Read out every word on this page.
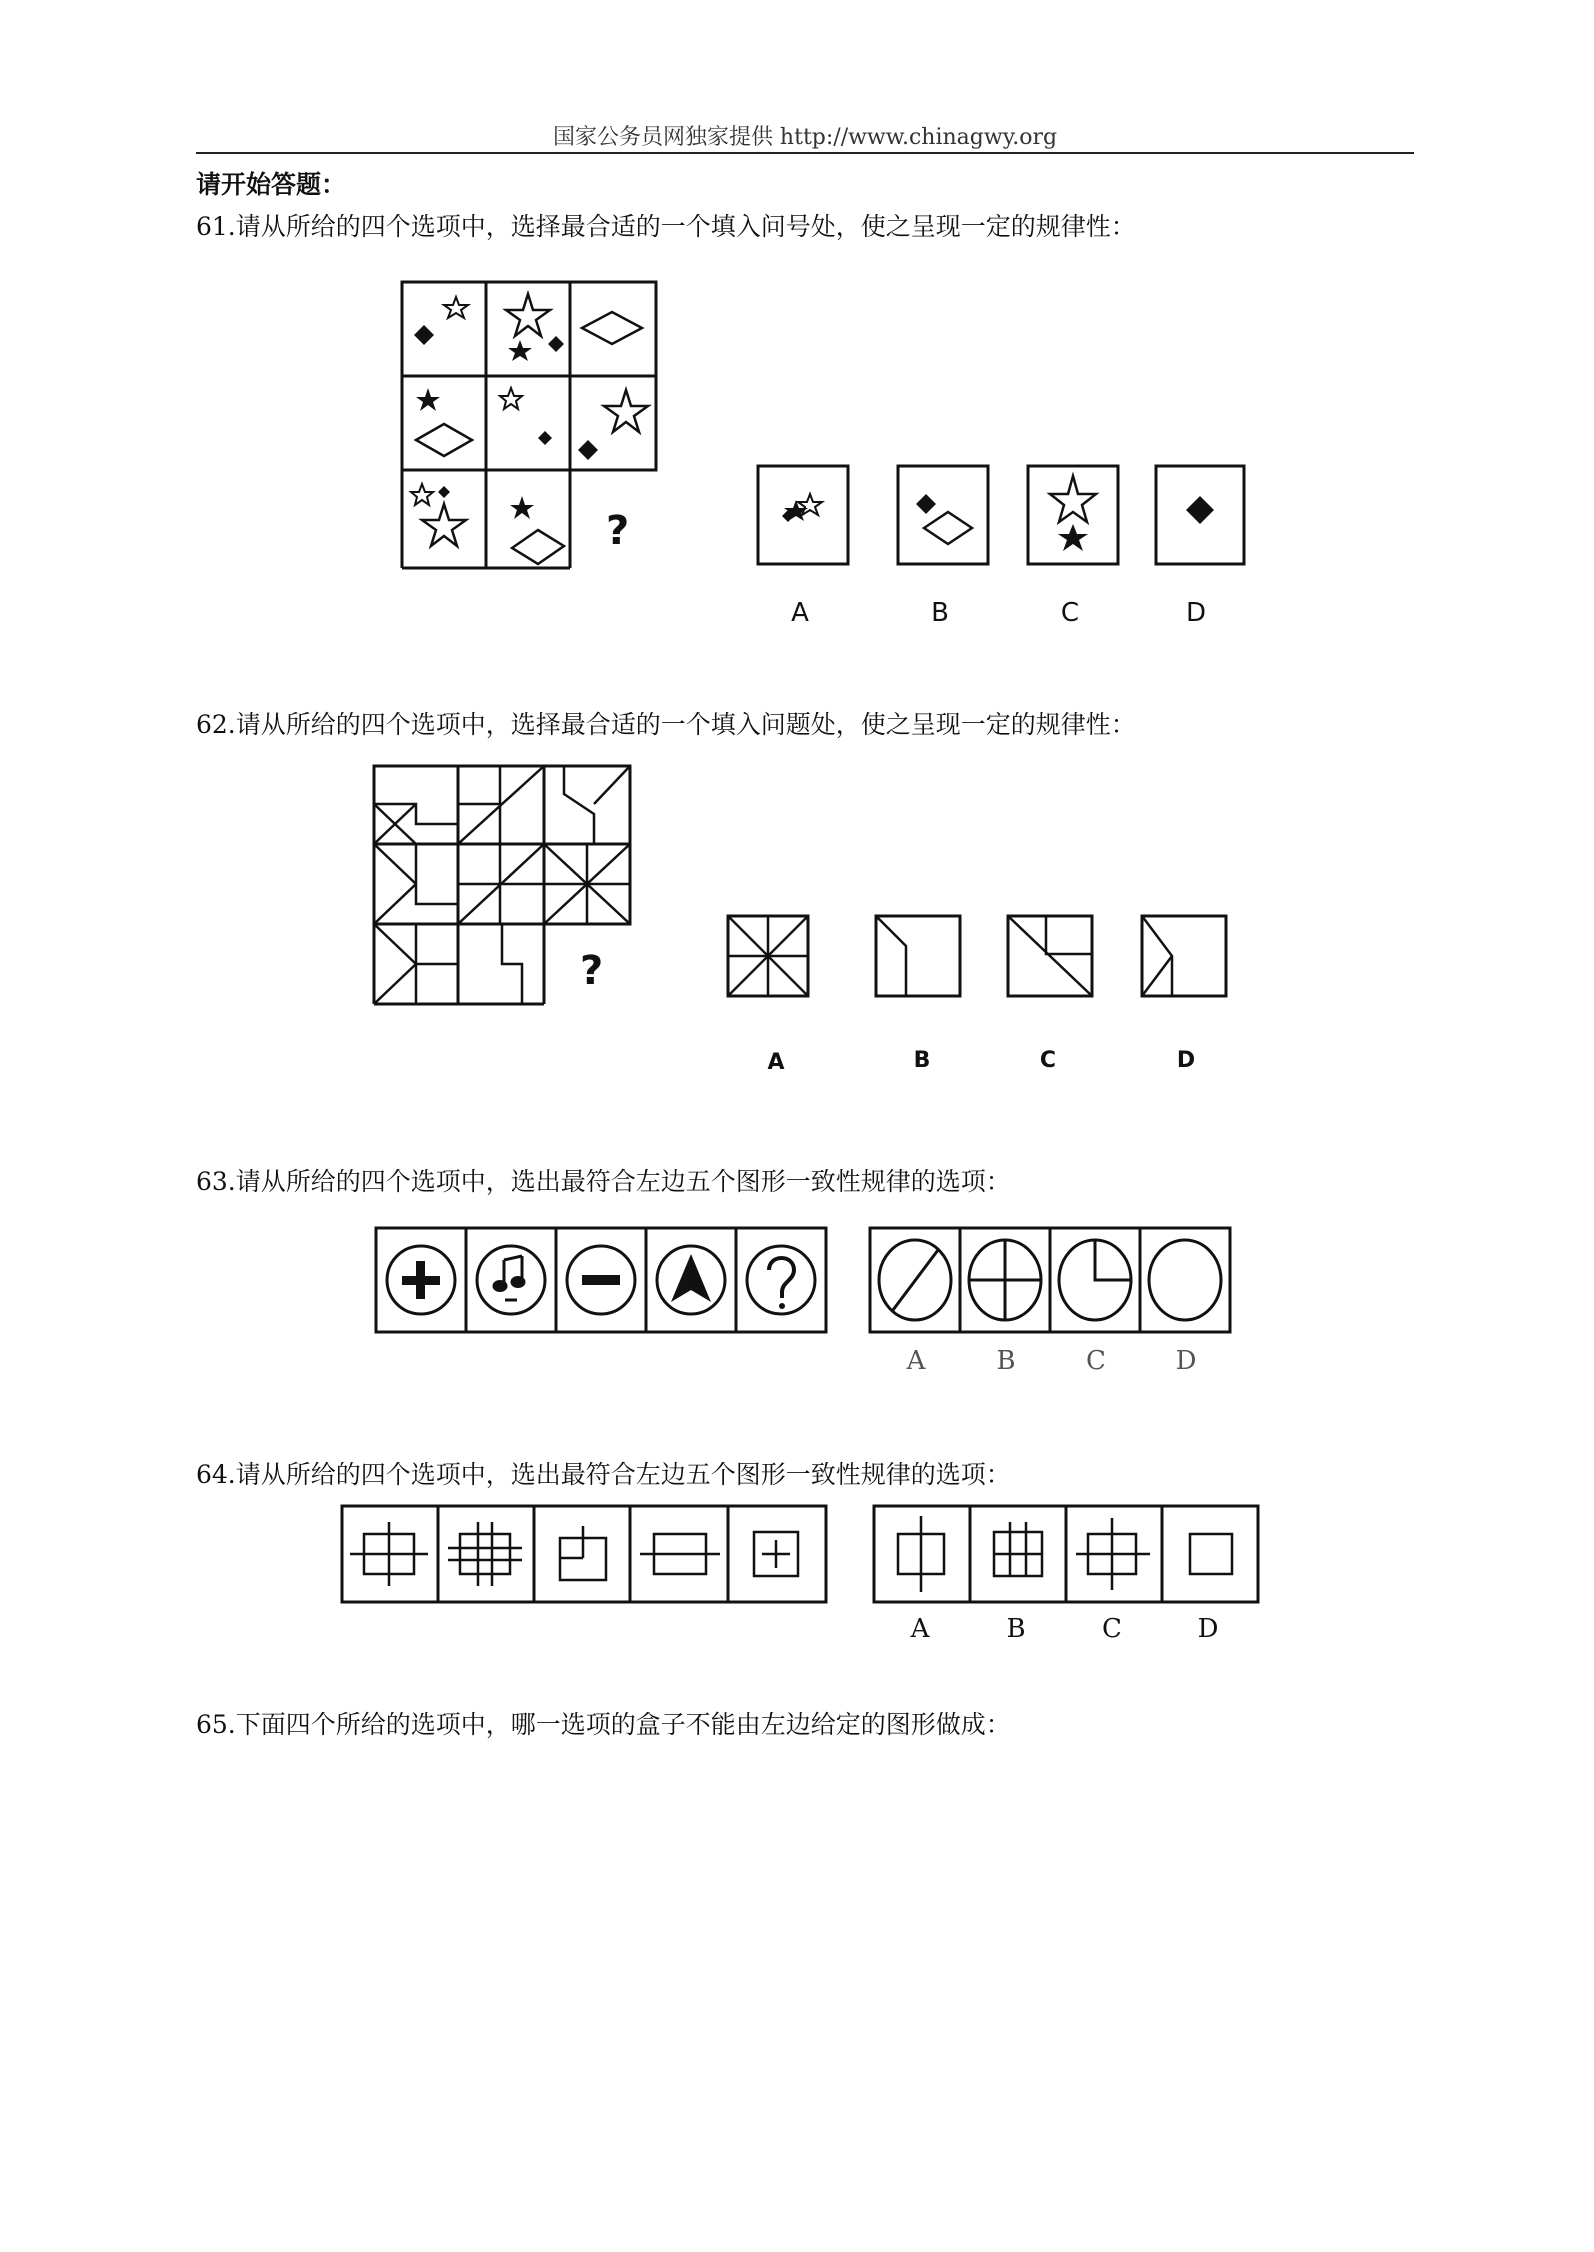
国家公务员网独家提供 http://www.chinagwy.org
请开始答题：
61.请从所给的四个选项中，选择最合适的一个填入问号处，使之呈现一定的规律性：
?
A	B	C	D
62.请从所给的四个选项中，选择最合适的一个填入问题处，使之呈现一定的规律性：
?
A	B	C	D
63.请从所给的四个选项中，选出最符合左边五个图形一致性规律的选项：
A	B	C	D
64.请从所给的四个选项中，选出最符合左边五个图形一致性规律的选项：
A	B	C	D
65.下面四个所给的选项中，哪一选项的盒子不能由左边给定的图形做成：
